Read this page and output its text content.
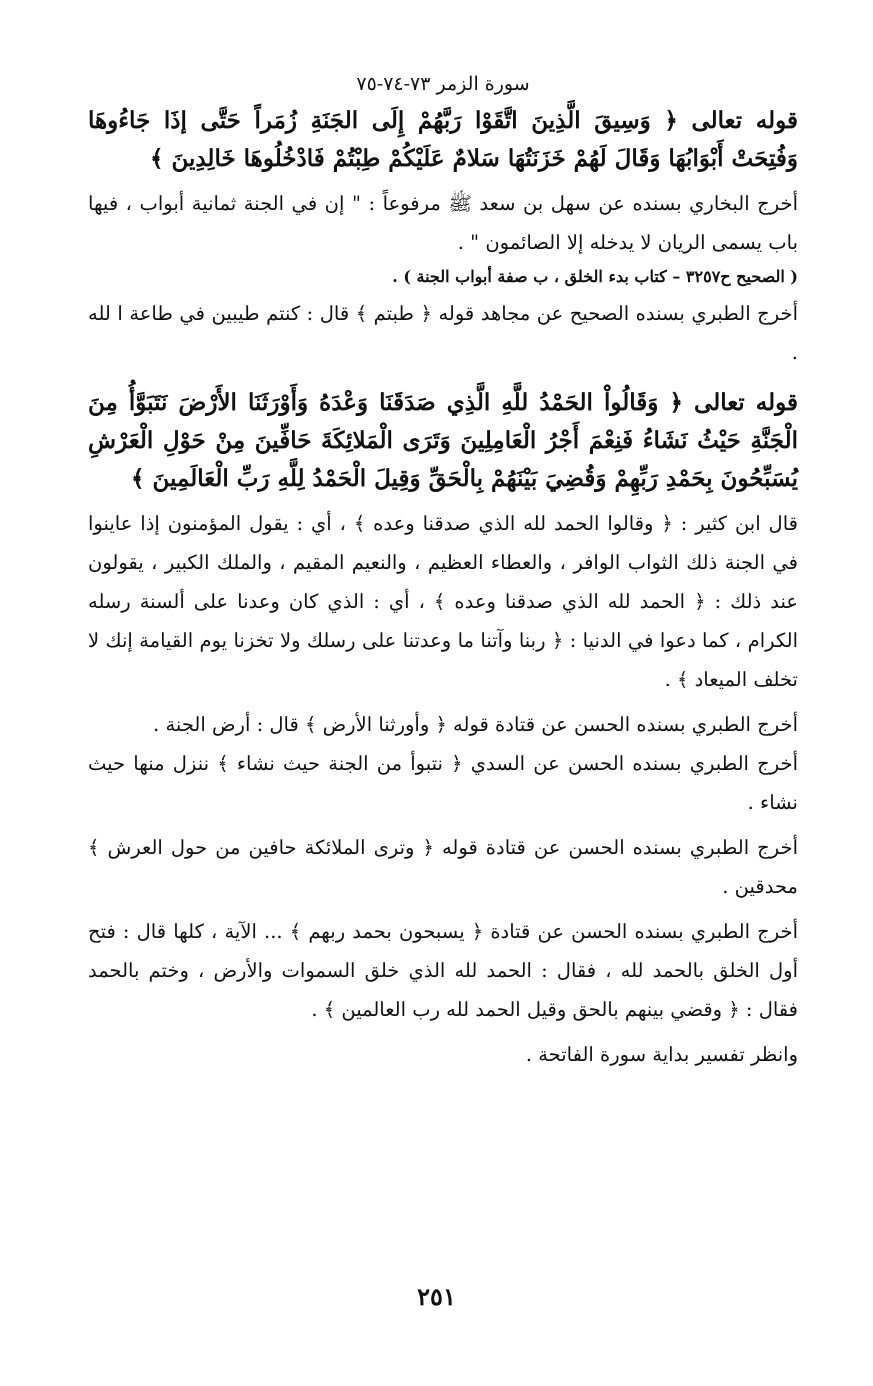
سورة الزمر ٧٣-٧٤-٧٥

قوله تعالى ﴿ وَسِيقَ الَّذِينَ اتَّقَوْا رَبَّهُمْ إِلَى الجَنَةِ زُمَراً حَتَّى إذَا جَاءُوهَا وَفُتِحَتْ أَبْوَابُهَا وَقَالَ لَهُمْ خَزَنَتُهَا سَلامٌ عَلَيْكُمْ طِبْتُمْ فَادْخُلُوهَا خَالِدِينَ ﴾

أخرج البخاري بسنده عن سهل بن سعد ﷺ مرفوعاً : " إن في الجنة ثمانية أبواب ، فيها باب يسمى الريان لا يدخله إلا الصائمون " .

( الصحيح ح٣٢٥٧ – كتاب بدء الخلق ، ب صفة أبواب الجنة ) .

أخرج الطبري بسنده الصحيح عن مجاهد قوله ﴿ طبتم ﴾ قال : كنتم طيبين في طاعة ا لله .

قوله تعالى ﴿ وَقَالُواْ الحَمْدُ للَّهِ الَّذِي صَدَقَنَا وَعْدَهُ وَأَوْرَثَنَا الأَرْضَ نَتَبَوَّأُ مِنَ الْجَنَّةِ حَيْثُ نَشَاءُ فَنِعْمَ أَجْرُ الْعَامِلِينَ وَتَرَى الْمَلائِكَةَ حَافِّينَ مِنْ حَوْلِ الْعَرْشِ يُسَبِّحُونَ بِحَمْدِ رَبِّهِمْ وَقُضِيَ بَيْنَهُمْ بِالْحَقِّ وَقِيلَ الْحَمْدُ لِلَّهِ رَبِّ الْعَالَمِينَ ﴾

قال ابن كثير : ﴿ وقالوا الحمد لله الذي صدقنا وعده ﴾ ، أي : يقول المؤمنون إذا عاينوا في الجنة ذلك الثواب الوافر ، والعطاء العظيم ، والنعيم المقيم ، والملك الكبير ، يقولون عند ذلك : ﴿ الحمد لله الذي صدقنا وعده ﴾ ، أي : الذي كان وعدنا على ألسنة رسله الكرام ، كما دعوا في الدنيا : ﴿ ربنا وآتنا ما وعدتنا على رسلك ولا تخزنا يوم القيامة إنك لا تخلف الميعاد ﴾ .

أخرج الطبري بسنده الحسن عن قتادة قوله ﴿ وأورثنا الأرض ﴾ قال : أرض الجنة .

أخرج الطبري بسنده الحسن عن السدي ﴿ نتبوأ من الجنة حيث نشاء ﴾ ننزل منها حيث نشاء .

أخرج الطبري بسنده الحسن عن قتادة قوله ﴿ وترى الملائكة حافين من حول العرش ﴾ محدقين .

أخرج الطبري بسنده الحسن عن قتادة ﴿ يسبحون بحمد ربهم ﴾ ... الآية ، كلها قال : فتح أول الخلق بالحمد لله ، فقال : الحمد لله الذي خلق السموات والأرض ، وختم بالحمد فقال : ﴿ وقضي بينهم بالحق وقيل الحمد لله رب العالمين ﴾ .

وانظر تفسير بداية سورة الفاتحة .

٢٥١
